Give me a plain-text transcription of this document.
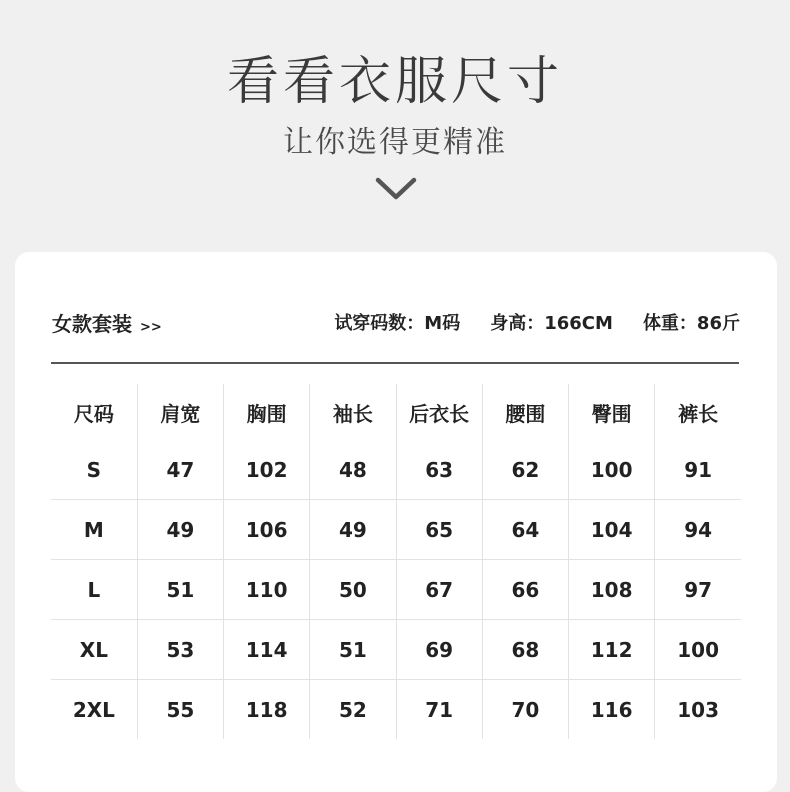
看看衣服尺寸
让你选得更精准
女款套装 >>	试穿码数：M码 身高：166CM 体重：86斤
尺码	肩宽	胸围	袖长	后衣长	腰围	臀围	裤长
S	47	102	48	63	62	100	91
M	49	106	49	65	64	104	94
L	51	110	50	67	66	108	97
XL	53	114	51	69	68	112	100
2XL	55	118	52	71	70	116	103
